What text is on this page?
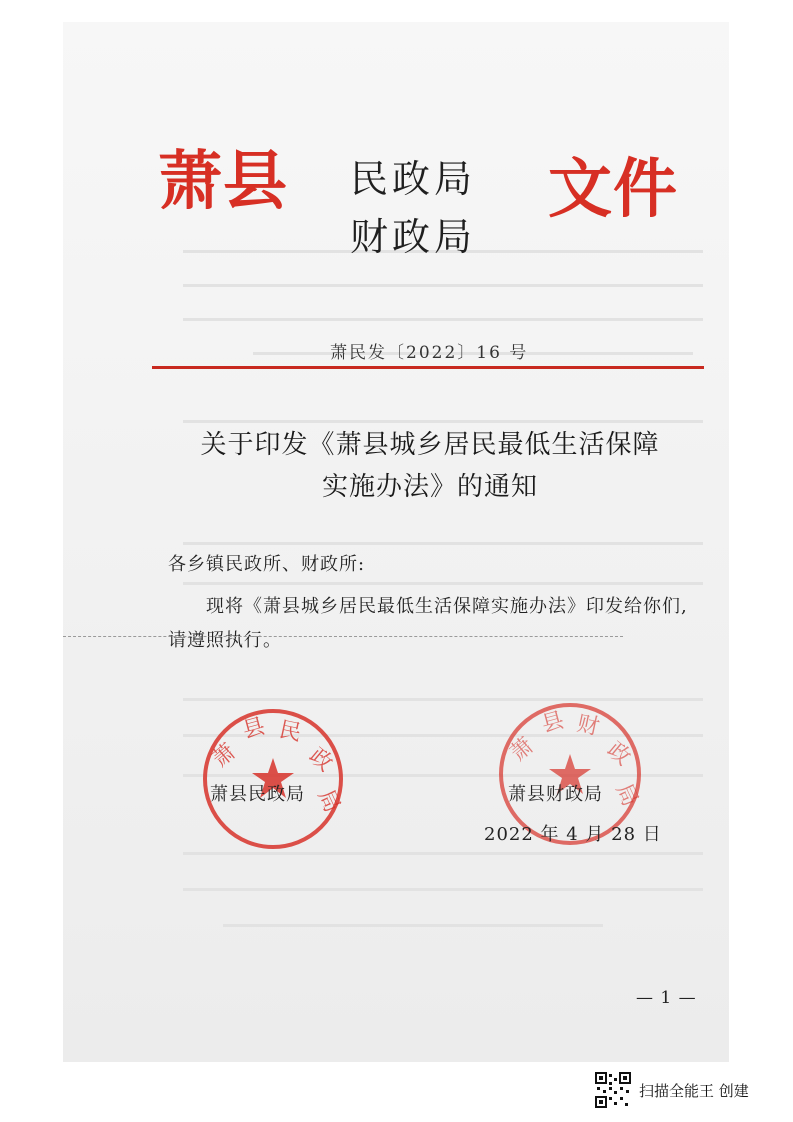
萧县 民政局
财政局
文件
萧民发〔2022〕16 号
关于印发《萧县城乡居民最低生活保障
实施办法》的通知
各乡镇民政所、财政所:
现将《萧县城乡居民最低生活保障实施办法》印发给你们,
请遵照执行。
萧
县 民
政
局
萧
县 财
政
局
萧县民政局	萧县财政局
2022 年 4 月 28 日
— 1 —
扫描全能王 创建
